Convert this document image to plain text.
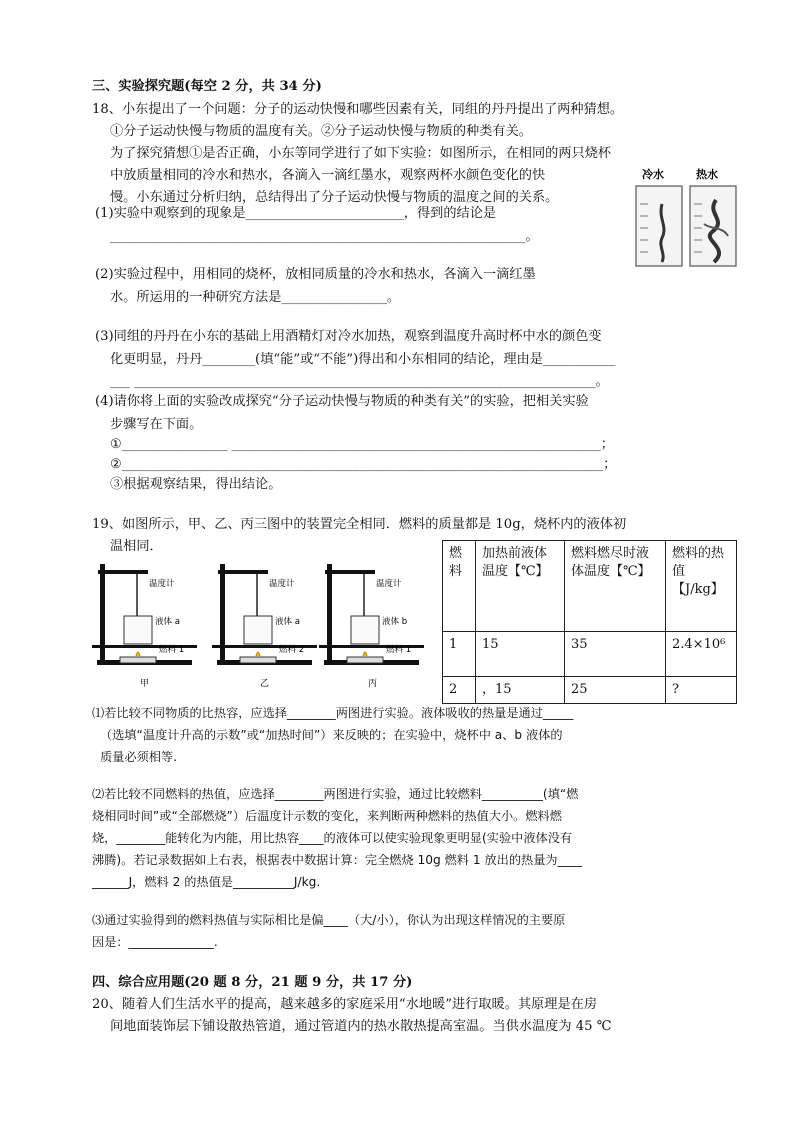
三、实验探究题(每空 2 分，共 34 分)
18、小东提出了一个问题：分子的运动快慢和哪些因素有关，同组的丹丹提出了两种猜想。
①分子运动快慢与物质的温度有关。②分子运动快慢与物质的种类有关。
为了探究猜想①是否正确，小东等同学进行了如下实验：如图所示，在相同的两只烧杯
中放质量相同的冷水和热水，各滴入一滴红墨水，观察两杯水颜色变化的快
慢。小东通过分析归纳，总结得出了分子运动快慢与物质的温度之间的关系。
冷水	热水
(1)实验中观察到的现象是________________________，得到的结论是
_______________________________________________________________。
(2)实验过程中，用相同的烧杯，放相同质量的冷水和热水，各滴入一滴红墨
水。所运用的一种研究方法是________________。
(3)同组的丹丹在小东的基础上用酒精灯对冷水加热，观察到温度升高时杯中水的颜色变
化更明显，丹丹________(填“能”或“不能”)得出和小东相同的结论，理由是___________
___ ______________________________________________________________________。
(4)请你将上面的实验改成探究“分子运动快慢与物质的种类有关”的实验，把相关实验
步骤写在下面。
①________________ ________________________________________________________；
②_________________________________________________________________________；
③根据观察结果，得出结论。
19、如图所示，甲、乙、丙三图中的装置完全相同．燃料的质量都是 10g，烧杯内的液体初
温相同．
温度计
液体 a
燃料 1
甲
温度计
液体 a
燃料 2
乙
温度计
液体 b
燃料 1
丙
燃料	加热前液体温度【℃】	燃料燃尽时液体温度【℃】	燃料的热值【J/kg】
1	15	35	2.4×10⁶
2	，15	25	?
⑴若比较不同物质的比热容，应选择________两图进行实验。液体吸收的热量是通过_____
（选填“温度计升高的示数”或“加热时间”）来反映的；在实验中，烧杯中 a、b 液体的
质量必须相等.
⑵若比较不同燃料的热值，应选择________两图进行实验，通过比较燃料__________(填“燃
烧相同时间”或“全部燃烧”）后温度计示数的变化，来判断两种燃料的热值大小。燃料燃
烧，________能转化为内能，用比热容____的液体可以使实验现象更明显(实验中液体没有
沸腾)。若记录数据如上右表，根据表中数据计算：完全燃烧 10g 燃料 1 放出的热量为____
______J，燃料 2 的热值是__________J/kg.
⑶通过实验得到的燃料热值与实际相比是偏____（大/小），你认为出现这样情况的主要原
因是：______________.
四、综合应用题(20 题 8 分，21 题 9 分，共 17 分)
20、随着人们生活水平的提高，越来越多的家庭采用“水地暖”进行取暖。其原理是在房
间地面装饰层下铺设散热管道，通过管道内的热水散热提高室温。当供水温度为 45 ℃
